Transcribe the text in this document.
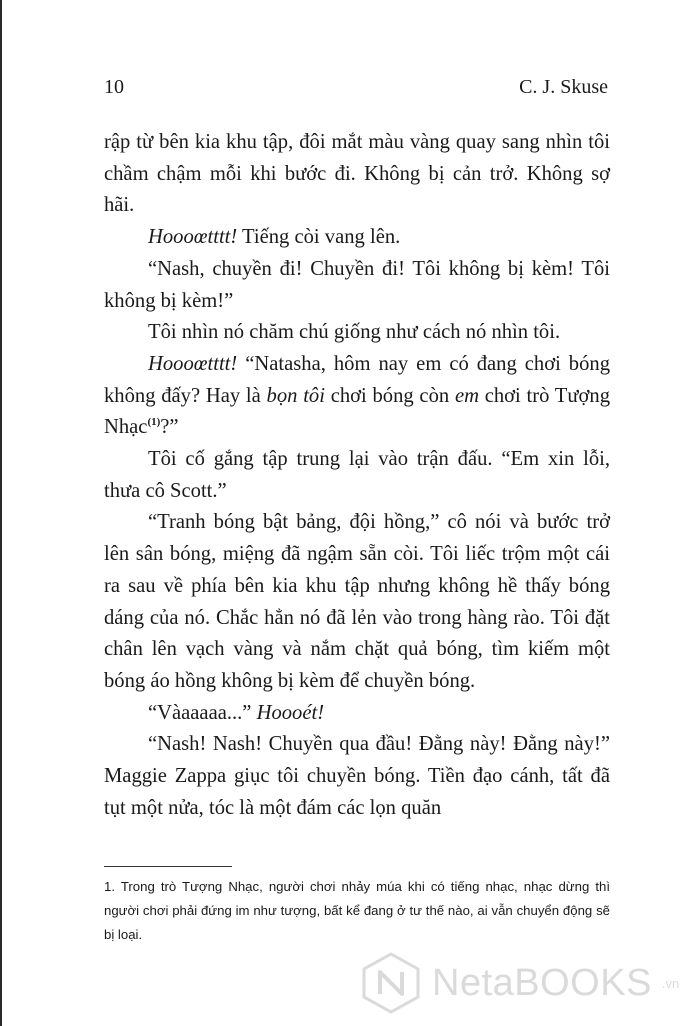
10	C. J. Skuse

rập từ bên kia khu tập, đôi mắt màu vàng quay sang nhìn tôi chầm chậm mỗi khi bước đi. Không bị cản trở. Không sợ hãi.

Hoooœtttt! Tiếng còi vang lên.

“Nash, chuyền đi! Chuyền đi! Tôi không bị kèm! Tôi không bị kèm!”

Tôi nhìn nó chăm chú giống như cách nó nhìn tôi.

Hoooœtttt! “Natasha, hôm nay em có đang chơi bóng không đấy? Hay là bọn tôi chơi bóng còn em chơi trò Tượng Nhạc$^{(1)}$?”

Tôi cố gắng tập trung lại vào trận đấu. “Em xin lỗi, thưa cô Scott.”

“Tranh bóng bật bảng, đội hồng,” cô nói và bước trở lên sân bóng, miệng đã ngậm sẵn còi. Tôi liếc trộm một cái ra sau về phía bên kia khu tập nhưng không hề thấy bóng dáng của nó. Chắc hẳn nó đã lẻn vào trong hàng rào. Tôi đặt chân lên vạch vàng và nắm chặt quả bóng, tìm kiếm một bóng áo hồng không bị kèm để chuyền bóng.

“Vàaaaaa...” Hoooét!

“Nash! Nash! Chuyền qua đầu! Đằng này! Đằng này!” Maggie Zappa giục tôi chuyền bóng. Tiền đạo cánh, tất đã tụt một nửa, tóc là một đám các lọn quăn

1. Trong trò Tượng Nhạc, người chơi nhảy múa khi có tiếng nhạc, nhạc dừng thì người chơi phải đứng im như tượng, bất kể đang ở tư thế nào, ai vẫn chuyển động sẽ bị loại.

NetaBOOKS .vn
